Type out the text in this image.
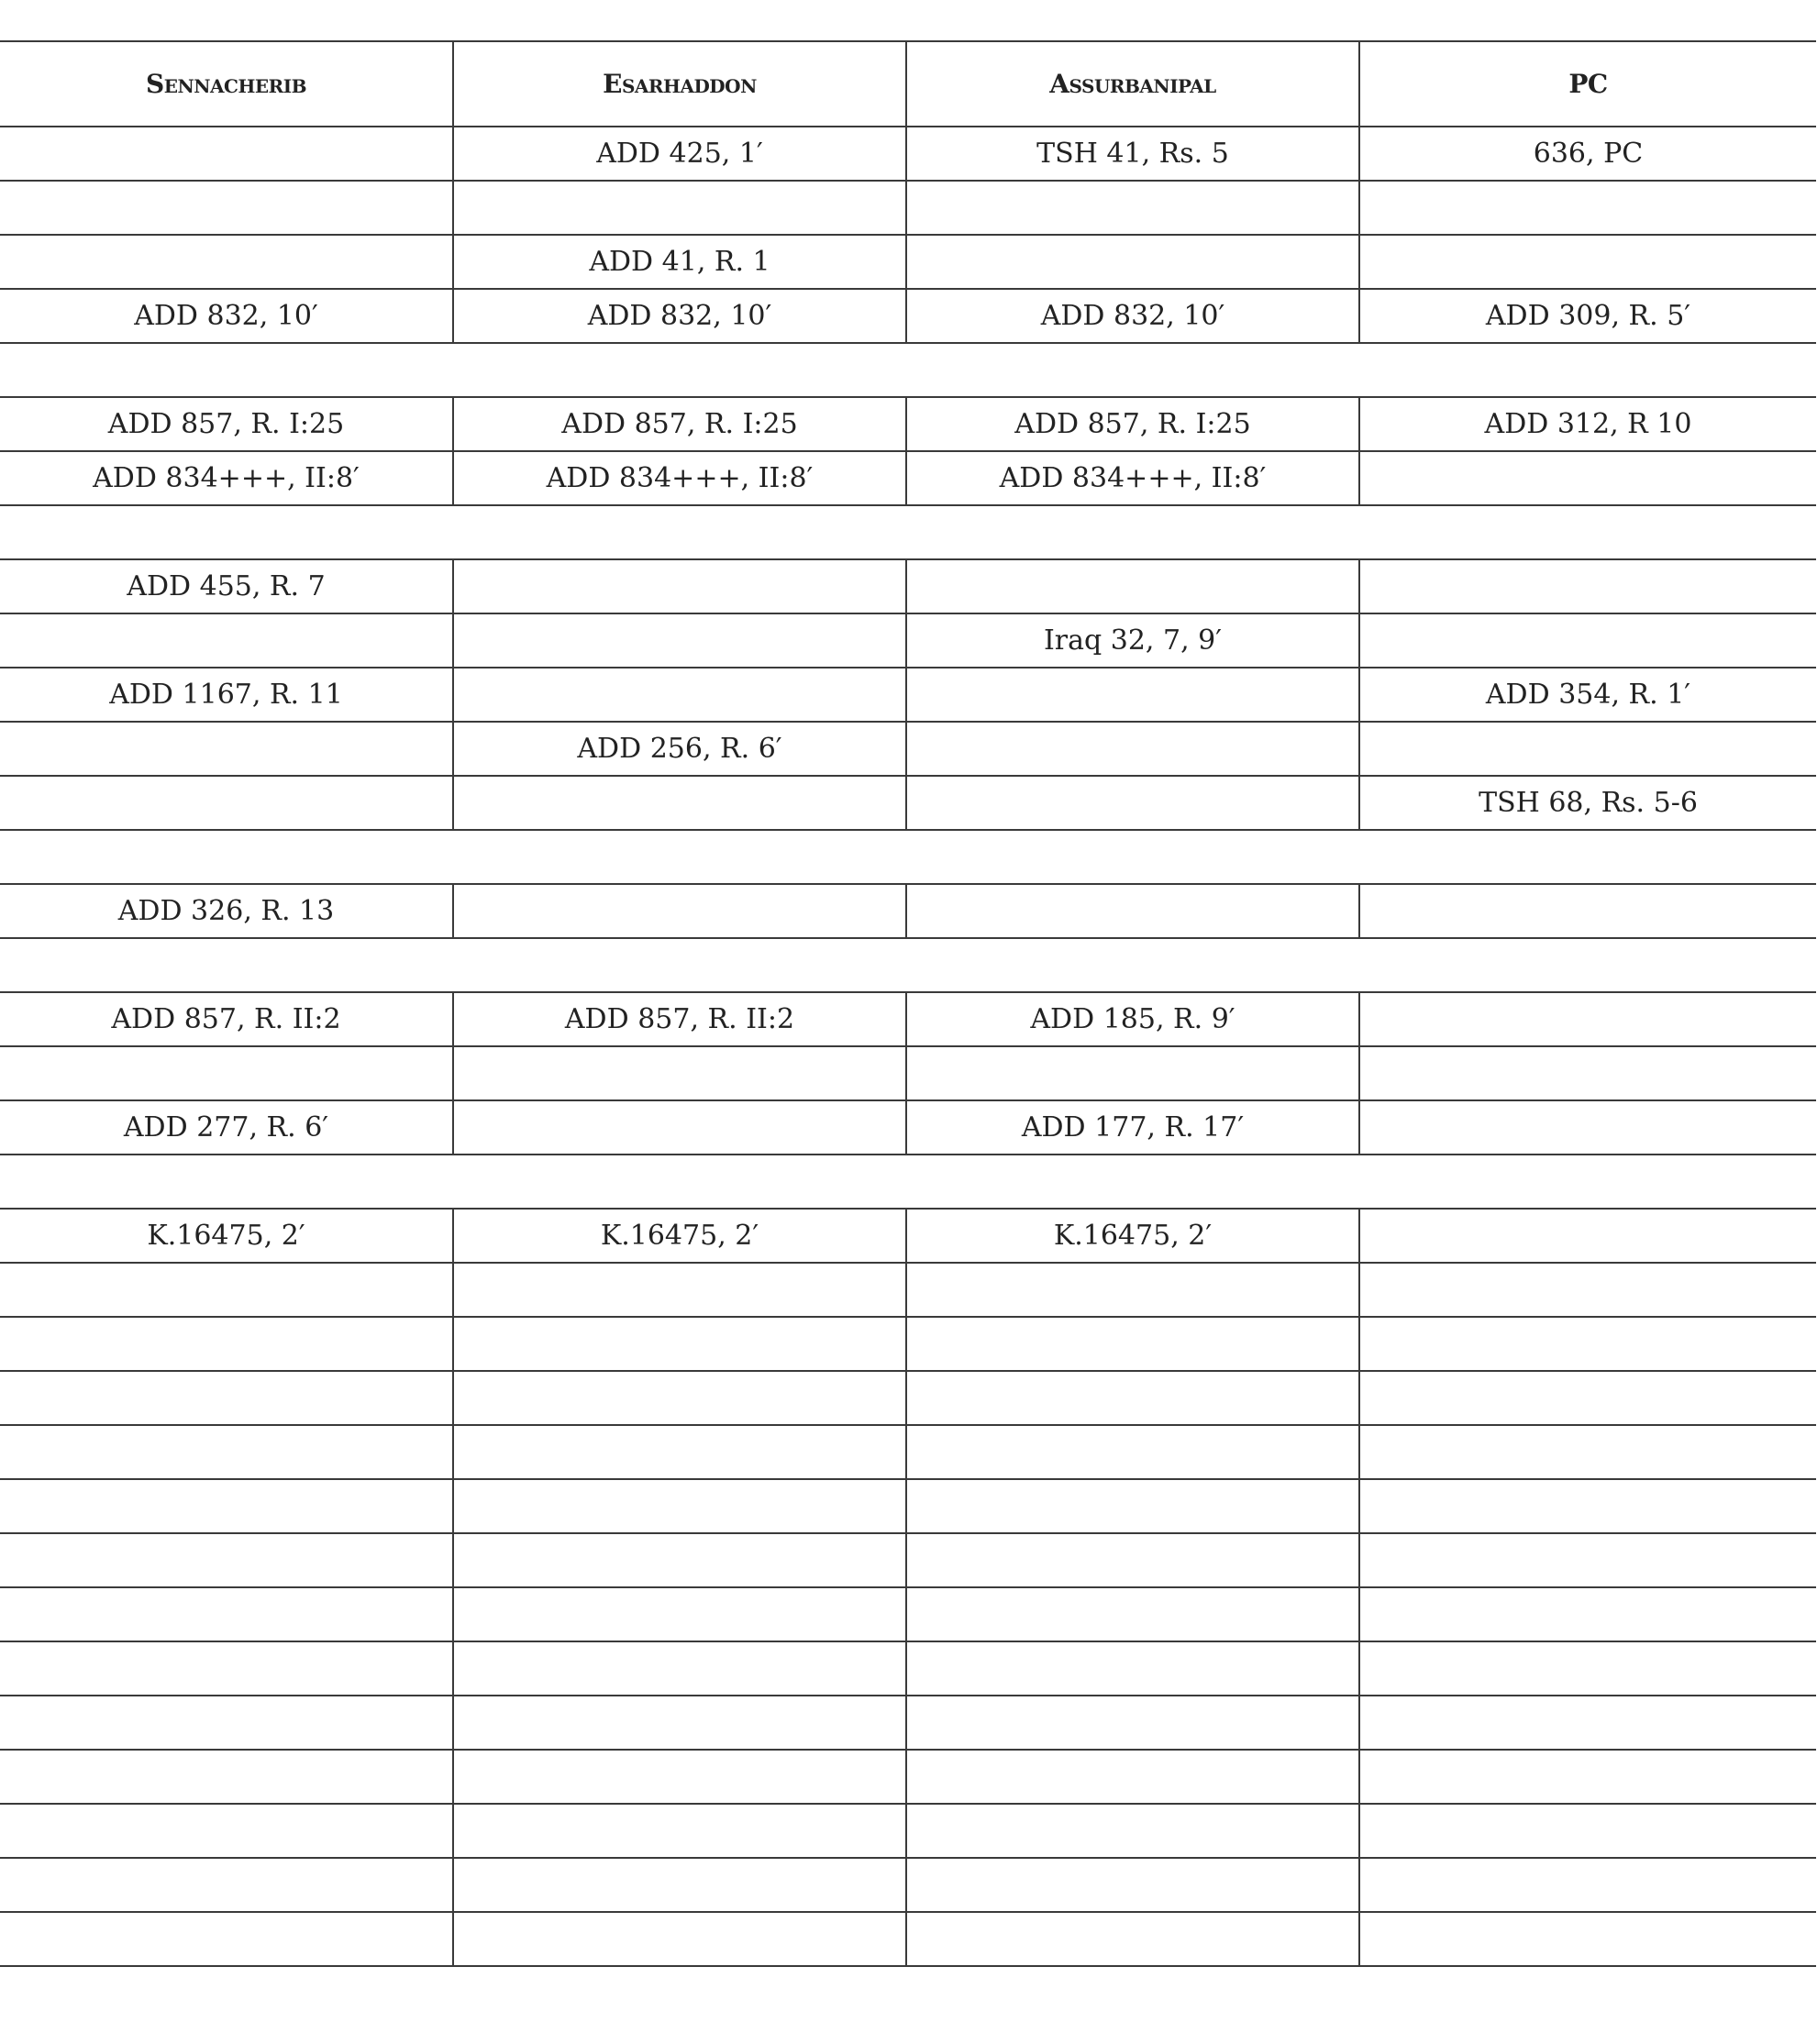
Sennacherib	Esarhaddon	Assurbanipal	PC
	ADD 425, 1′	TSH 41, Rs. 5	636, PC

	ADD 41, R. 1		
ADD 832, 10′	ADD 832, 10′	ADD 832, 10′	ADD 309, R. 5′

ADD 857, R. I:25	ADD 857, R. I:25	ADD 857, R. I:25	ADD 312, R 10
ADD 834+++, II:8′	ADD 834+++, II:8′	ADD 834+++, II:8′	

ADD 455, R. 7			
		Iraq 32, 7, 9′	
ADD 1167, R. 11			ADD 354, R. 1′
	ADD 256, R. 6′		
			TSH 68, Rs. 5-6

ADD 326, R. 13			

ADD 857, R. II:2	ADD 857, R. II:2	ADD 185, R. 9′	

ADD 277, R. 6′		ADD 177, R. 17′	

K.16475, 2′	K.16475, 2′	K.16475, 2′	
